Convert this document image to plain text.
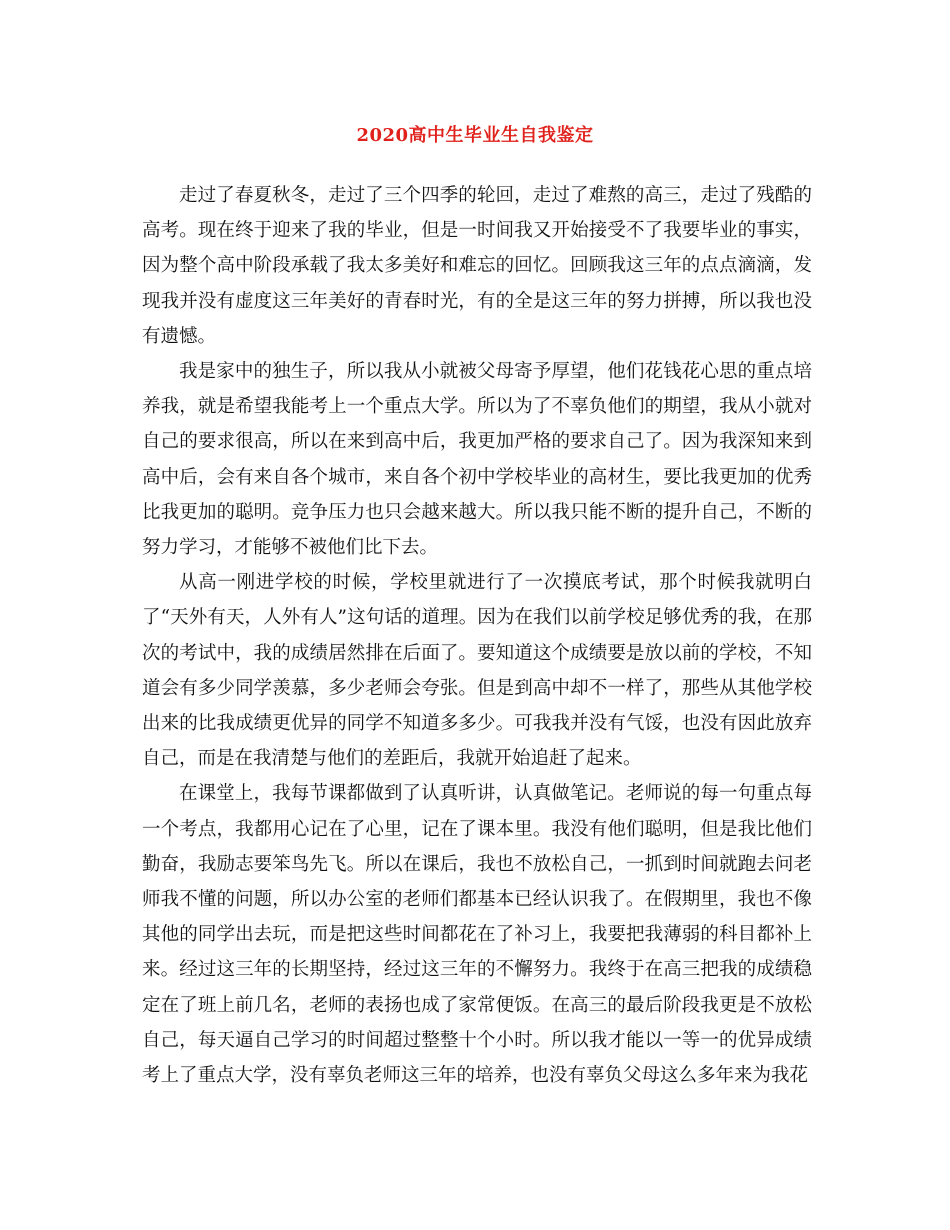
2020高中生毕业生自我鉴定

走过了春夏秋冬，走过了三个四季的轮回，走过了难熬的高三，走过了残酷的高考。现在终于迎来了我的毕业，但是一时间我又开始接受不了我要毕业的事实，因为整个高中阶段承载了我太多美好和难忘的回忆。回顾我这三年的点点滴滴，发现我并没有虚度这三年美好的青春时光，有的全是这三年的努力拼搏，所以我也没有遗憾。

我是家中的独生子，所以我从小就被父母寄予厚望，他们花钱花心思的重点培养我，就是希望我能考上一个重点大学。所以为了不辜负他们的期望，我从小就对自己的要求很高，所以在来到高中后，我更加严格的要求自己了。因为我深知来到高中后，会有来自各个城市，来自各个初中学校毕业的高材生，要比我更加的优秀比我更加的聪明。竞争压力也只会越来越大。所以我只能不断的提升自己，不断的努力学习，才能够不被他们比下去。

从高一刚进学校的时候，学校里就进行了一次摸底考试，那个时候我就明白了“天外有天，人外有人”这句话的道理。因为在我们以前学校足够优秀的我，在那次的考试中，我的成绩居然排在后面了。要知道这个成绩要是放以前的学校，不知道会有多少同学羡慕，多少老师会夸张。但是到高中却不一样了，那些从其他学校出来的比我成绩更优异的同学不知道多多少。可我我并没有气馁，也没有因此放弃自己，而是在我清楚与他们的差距后，我就开始追赶了起来。

在课堂上，我每节课都做到了认真听讲，认真做笔记。老师说的每一句重点每一个考点，我都用心记在了心里，记在了课本里。我没有他们聪明，但是我比他们勤奋，我励志要笨鸟先飞。所以在课后，我也不放松自己，一抓到时间就跑去问老师我不懂的问题，所以办公室的老师们都基本已经认识我了。在假期里，我也不像其他的同学出去玩，而是把这些时间都花在了补习上，我要把我薄弱的科目都补上来。经过这三年的长期坚持，经过这三年的不懈努力。我终于在高三把我的成绩稳定在了班上前几名，老师的表扬也成了家常便饭。在高三的最后阶段我更是不放松自己，每天逼自己学习的时间超过整整十个小时。所以我才能以一等一的优异成绩考上了重点大学，没有辜负老师这三年的培养，也没有辜负父母这么多年来为我花
